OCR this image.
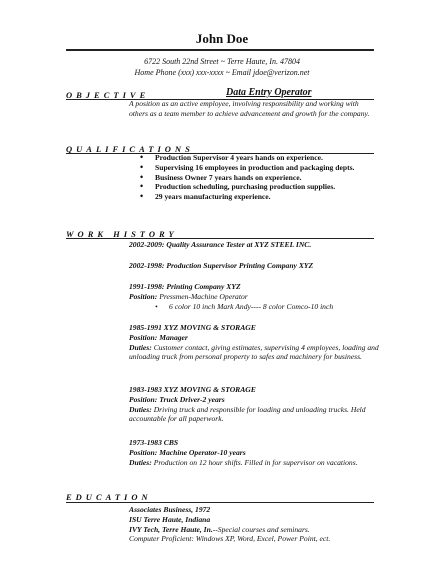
John Doe
6722 South 22nd Street ~ Terre Haute, In. 47804
Home Phone (xxx) xxx-xxxx ~ Email jdoe@verizon.net
OBJECTIVE	Data Entry Operator
A position as an active employee, involving responsibility and working with others as a team member to achieve advancement and growth for the company.
QUALIFICATIONS
• Production Supervisor 4 years hands on experience.
• Supervising 16 employees in production and packaging depts.
• Business Owner 7 years hands on experience.
• Production scheduling, purchasing production supplies.
• 29 years manufacturing experience.
WORK HISTORY
2002-2009: Quality Assurance Tester at XYZ STEEL INC.
2002-1998: Production Supervisor Printing Company XYZ
1991-1998: Printing Company XYZ
Position: Pressmen-Machine Operator
• 6 color 10 inch Mark Andy---- 8 color Comco-10 inch
1985-1991 XYZ MOVING & STORAGE
Position: Manager
Duties: Customer contact, giving estimates, supervising 4 employees, loading and unloading truck from personal property to safes and machinery for business.
1983-1983 XYZ MOVING & STORAGE
Position: Truck Driver-2 years
Duties: Driving truck and responsible for loading and unloading trucks. Held accountable for all paperwork.
1973-1983 CBS
Position: Machine Operator-10 years
Duties: Production on 12 hour shifts. Filled in for supervisor on vacations.
EDUCATION
Associates Business, 1972
ISU Terre Haute, Indiana
IVY Tech, Terre Haute, In.--Special courses and seminars.
Computer Proficient: Windows XP, Word, Excel, Power Point, ect.
